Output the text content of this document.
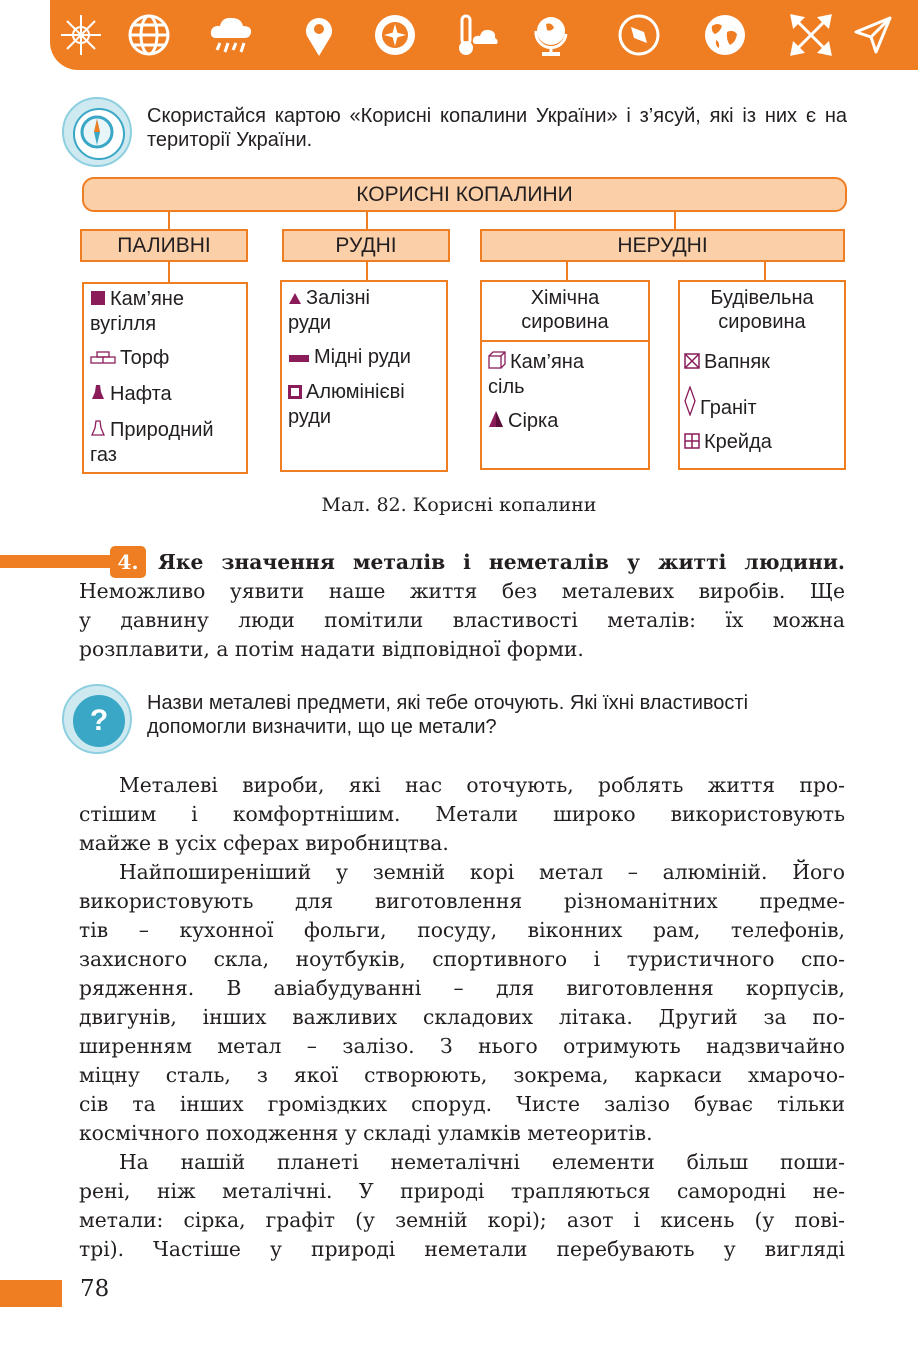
Скористайся картою «Корисні копалини України» і з’ясуй, які із них є на території України.
КОРИСНІ КОПАЛИНИ
ПАЛИВНІ	РУДНІ	НЕРУДНІ
Кам’яне
вугілля
Торф
Нафта
Природний
газ
Залізні
руди
Мідні руди
Алюмінієві
руди
Хімічна
сировина
Кам’яна
сіль
Сірка
Будівельна
сировина
Вапняк
Граніт
Крейда
Мал. 82. Корисні копалини
4. Яке значення металів і неметалів у житті людини.
Неможливо уявити наше життя без металевих виробів. Ще
у давнину люди помітили властивості металів: їх можна
розплавити, а потім надати відповідної форми.
?
Назви металеві предмети, які тебе оточують. Які їхні властивості
допомогли визначити, що це метали?
Металеві вироби, які нас оточують, роблять життя про-
стішим і комфортнішим. Метали широко використовують
майже в усіх сферах виробництва.
Найпоширеніший у земній корі метал – алюміній. Його
використовують для виготовлення різноманітних предме-
тів – кухонної фольги, посуду, віконних рам, телефонів,
захисного скла, ноутбуків, спортивного і туристичного спо-
рядження. В авіабудуванні – для виготовлення корпусів,
двигунів, інших важливих складових літака. Другий за по-
ширенням метал – залізо. З нього отримують надзвичайно
міцну сталь, з якої створюють, зокрема, каркаси хмарочо-
сів та інших громіздких споруд. Чисте залізо буває тільки
космічного походження у складі уламків метеоритів.
На нашій планеті неметалічні елементи більш поши-
рені, ніж металічні. У природі трапляються самородні не-
метали: сірка, графіт (у земній корі); азот і кисень (у пові-
трі). Частіше у природі неметали перебувають у вигляді
78
